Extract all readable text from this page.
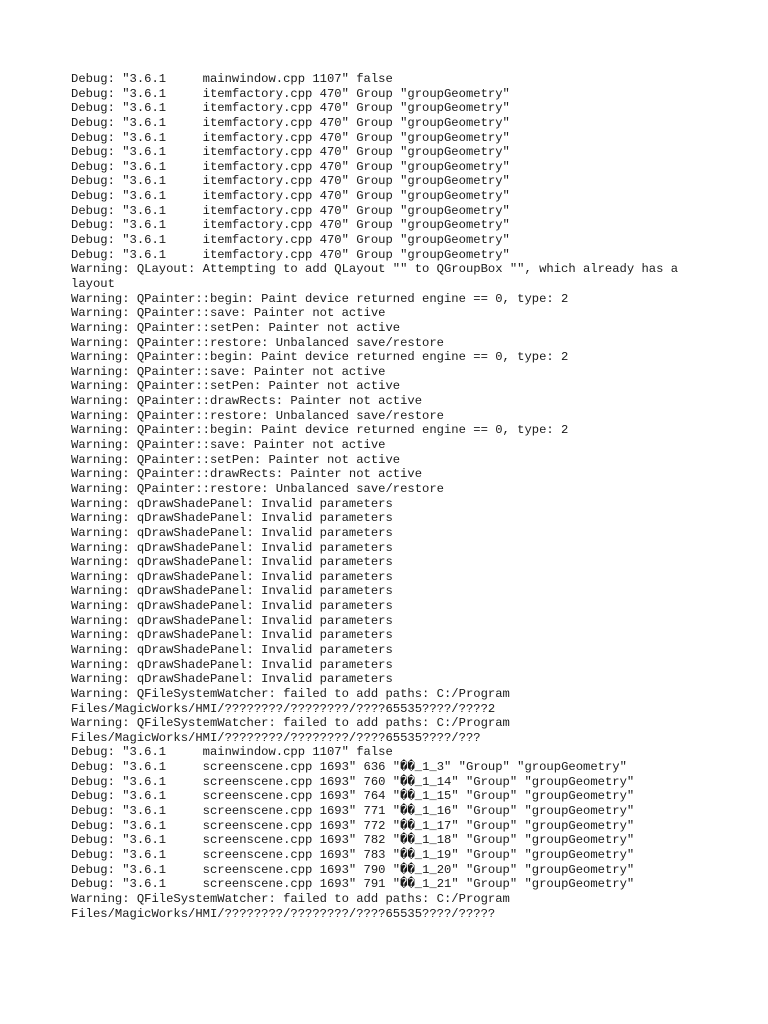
Debug: "3.6.1     mainwindow.cpp 1107" false
Debug: "3.6.1     itemfactory.cpp 470" Group "groupGeometry"
Debug: "3.6.1     itemfactory.cpp 470" Group "groupGeometry"
Debug: "3.6.1     itemfactory.cpp 470" Group "groupGeometry"
Debug: "3.6.1     itemfactory.cpp 470" Group "groupGeometry"
Debug: "3.6.1     itemfactory.cpp 470" Group "groupGeometry"
Debug: "3.6.1     itemfactory.cpp 470" Group "groupGeometry"
Debug: "3.6.1     itemfactory.cpp 470" Group "groupGeometry"
Debug: "3.6.1     itemfactory.cpp 470" Group "groupGeometry"
Debug: "3.6.1     itemfactory.cpp 470" Group "groupGeometry"
Debug: "3.6.1     itemfactory.cpp 470" Group "groupGeometry"
Debug: "3.6.1     itemfactory.cpp 470" Group "groupGeometry"
Debug: "3.6.1     itemfactory.cpp 470" Group "groupGeometry"
Warning: QLayout: Attempting to add QLayout "" to QGroupBox "", which already has a
layout
Warning: QPainter::begin: Paint device returned engine == 0, type: 2
Warning: QPainter::save: Painter not active
Warning: QPainter::setPen: Painter not active
Warning: QPainter::restore: Unbalanced save/restore
Warning: QPainter::begin: Paint device returned engine == 0, type: 2
Warning: QPainter::save: Painter not active
Warning: QPainter::setPen: Painter not active
Warning: QPainter::drawRects: Painter not active
Warning: QPainter::restore: Unbalanced save/restore
Warning: QPainter::begin: Paint device returned engine == 0, type: 2
Warning: QPainter::save: Painter not active
Warning: QPainter::setPen: Painter not active
Warning: QPainter::drawRects: Painter not active
Warning: QPainter::restore: Unbalanced save/restore
Warning: qDrawShadePanel: Invalid parameters
Warning: qDrawShadePanel: Invalid parameters
Warning: qDrawShadePanel: Invalid parameters
Warning: qDrawShadePanel: Invalid parameters
Warning: qDrawShadePanel: Invalid parameters
Warning: qDrawShadePanel: Invalid parameters
Warning: qDrawShadePanel: Invalid parameters
Warning: qDrawShadePanel: Invalid parameters
Warning: qDrawShadePanel: Invalid parameters
Warning: qDrawShadePanel: Invalid parameters
Warning: qDrawShadePanel: Invalid parameters
Warning: qDrawShadePanel: Invalid parameters
Warning: qDrawShadePanel: Invalid parameters
Warning: QFileSystemWatcher: failed to add paths: C:/Program
Files/MagicWorks/HMI/????????/????????/????65535????/????2
Warning: QFileSystemWatcher: failed to add paths: C:/Program
Files/MagicWorks/HMI/????????/????????/????65535????/???
Debug: "3.6.1     mainwindow.cpp 1107" false
Debug: "3.6.1     screenscene.cpp 1693" 636 "��_1_3" "Group" "groupGeometry"
Debug: "3.6.1     screenscene.cpp 1693" 760 "��_1_14" "Group" "groupGeometry"
Debug: "3.6.1     screenscene.cpp 1693" 764 "��_1_15" "Group" "groupGeometry"
Debug: "3.6.1     screenscene.cpp 1693" 771 "��_1_16" "Group" "groupGeometry"
Debug: "3.6.1     screenscene.cpp 1693" 772 "��_1_17" "Group" "groupGeometry"
Debug: "3.6.1     screenscene.cpp 1693" 782 "��_1_18" "Group" "groupGeometry"
Debug: "3.6.1     screenscene.cpp 1693" 783 "��_1_19" "Group" "groupGeometry"
Debug: "3.6.1     screenscene.cpp 1693" 790 "��_1_20" "Group" "groupGeometry"
Debug: "3.6.1     screenscene.cpp 1693" 791 "��_1_21" "Group" "groupGeometry"
Warning: QFileSystemWatcher: failed to add paths: C:/Program
Files/MagicWorks/HMI/????????/????????/????65535????/?????
